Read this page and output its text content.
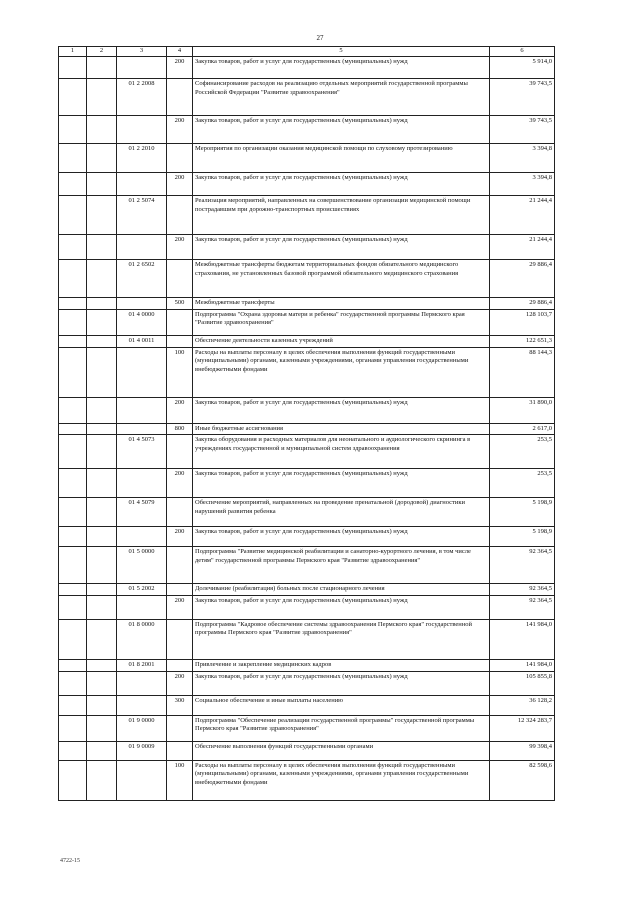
27
1	2	3	4	5	6
			200	Закупка товаров, работ и услуг для государственных (муниципальных) нужд	5 914,0
		01 2 2008		Софинансирование расходов на реализацию отдельных мероприятий государственной программы Российской Федерации "Развитие здравоохранения"	39 743,5
			200	Закупка товаров, работ и услуг для государственных (муниципальных) нужд	39 743,5
		01 2 2010		Мероприятия по организации оказания медицинской помощи по слуховому протезированию	3 394,8
			200	Закупка товаров, работ и услуг для государственных (муниципальных) нужд	3 394,8
		01 2 5074		Реализация мероприятий, направленных на совершенствование организации медицинской помощи пострадавшим при дорожно-транспортных происшествиях	21 244,4
			200	Закупка товаров, работ и услуг для государственных (муниципальных) нужд	21 244,4
		01 2 6502		Межбюджетные трансферты бюджетам территориальных фондов обязательного медицинского страхования, не установленных базовой программой обязательного медицинского страхования	29 886,4
			500	Межбюджетные трансферты	29 886,4
		01 4 0000		Подпрограмма "Охрана здоровья матери и ребенка" государственной программы Пермского края "Развитие здравоохранения"	128 103,7
		01 4 0011		Обеспечение деятельности казенных учреждений	122 651,3
			100	Расходы на выплаты персоналу в целях обеспечения выполнения функций государственными (муниципальными) органами, казенными учреждениями, органами управления государственными внебюджетными фондами	88 144,3
			200	Закупка товаров, работ и услуг для государственных (муниципальных) нужд	31 890,0
			800	Иные бюджетные ассигнования	2 617,0
		01 4 5073		Закупка оборудования и расходных материалов для неонатального и аудиологического скрининга в учреждениях государственной и муниципальной систем здравоохранения	253,5
			200	Закупка товаров, работ и услуг для государственных (муниципальных) нужд	253,5
		01 4 5079		Обеспечение мероприятий, направленных на проведение пренатальной (дородовой) диагностики нарушений развития ребенка	5 198,9
			200	Закупка товаров, работ и услуг для государственных (муниципальных) нужд	5 198,9
		01 5 0000		Подпрограмма "Развитие медицинской реабилитации и санаторно-курортного лечения, в том числе детям" государственной программы Пермского края "Развитие здравоохранения"	92 364,5
		01 5 2002		Долечивание (реабилитация) больных после стационарного лечения	92 364,5
			200	Закупка товаров, работ и услуг для государственных (муниципальных) нужд	92 364,5
		01 8 0000		Подпрограмма "Кадровое обеспечение системы здравоохранения Пермского края" государственной программы Пермского края "Развитие здравоохранения"	141 984,0
		01 8 2001		Привлечение и закрепление медицинских кадров	141 984,0
			200	Закупка товаров, работ и услуг для государственных (муниципальных) нужд	105 855,8
			300	Социальное обеспечение и иные выплаты населению	36 128,2
		01 9 0000		Подпрограмма "Обеспечение реализации государственной программы" государственной программы Пермского края "Развитие здравоохранения"	12 324 283,7
		01 9 0009		Обеспечение выполнения функций государственными органами	99 398,4
			100	Расходы на выплаты персоналу в целях обеспечения выполнения функций государственными (муниципальными) органами, казенными учреждениями, органами управления государственными внебюджетными фондами	82 598,6
4722-15
